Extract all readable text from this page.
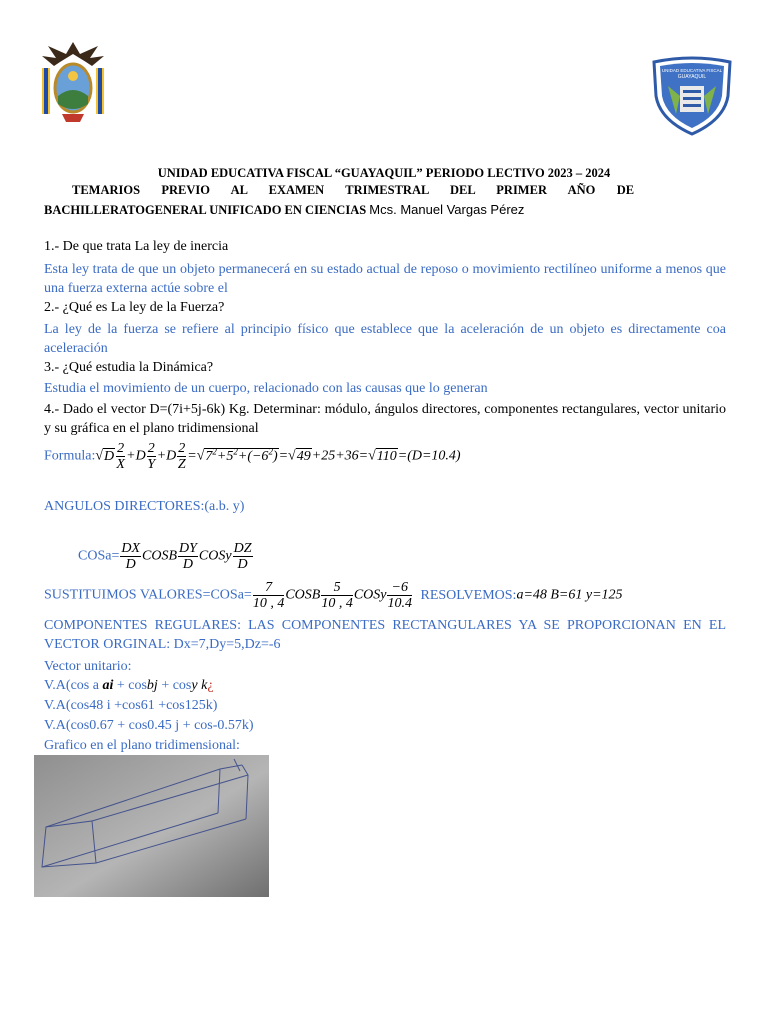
UNIDAD EDUCATIVA FISCAL
GUAYAQUIL
UNIDAD EDUCATIVA FISCAL “GUAYAQUIL” PERIODO LECTIVO 2023 – 2024
TEMARIOS PREVIO AL EXAMEN TRIMESTRAL DEL PRIMER AÑO DE
BACHILLERATOGENERAL UNIFICADO EN CIENCIAS Mcs. Manuel Vargas Pérez
1.- De que trata La ley de inercia
Esta ley trata de que un objeto permanecerá en su estado actual de reposo o movimiento rectilíneo uniforme a menos que una fuerza externa actúe sobre el
2.- ¿Qué es La ley de la Fuerza?
La ley de la fuerza se refiere al principio físico que establece que la aceleración de un objeto es directamente coa aceleración
3.- ¿Qué estudia la Dinámica?
Estudia el movimiento de un cuerpo, relacionado con las causas que lo generan
4.- Dado el vector D=(7i+5j-6k) Kg. Determinar: módulo, ángulos directores, componentes rectangulares, vector unitario y su gráfica en el plano tridimensional
Formula:√D $\frac{2}{X} +D \frac{2}{Y} +D \frac{2}{Z} =√7^2+5^2+(-6^2)=√49+25+36=√110=(D=10.4)$
ANGULOS DIRECTORES:(a.b. y)
COSa= $\frac{DX}{D}$ COSB $\frac{DY}{D}$ COSy $\frac{DZ}{D}$
SUSTITUIMOS VALORES=COSa= $\frac{7}{10 , 4}$ COSB $\frac{5}{10 , 4}$ COSy $\frac{-6}{10.4}$ RESOLVEMOS:a=48 B=61 y=125
COMPONENTES REGULARES: LAS COMPONENTES RECTANGULARES YA SE PROPORCIONAN EN EL VECTOR ORGINAL: Dx=7,Dy=5,Dz=-6
Vector unitario:
V.A(cos a ai + cosbj + cosy k¿
V.A(cos48 i +cos61 +cos125k)
V.A(cos0.67 + cos0.45 j + cos-0.57k)
Grafico en el plano tridimensional:
